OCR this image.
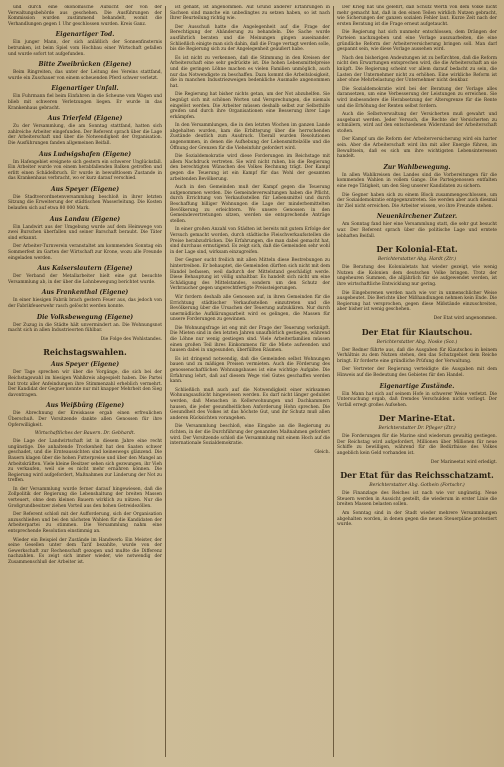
und durch eine ökonomische Aufsicht der von der Verwaltungsbehörde aus geschehen. Die Ausführungen der Kommission wurden zustimmend behandelt, womit die Verhandlungen gegen 1 Uhr geschlossen wurden. Kreis Ganz.

Eigenartiger Tod.

Ein junger Mann, der sich anläßlich der Sonnenfinsternis betrunken, ist beim Spiel vom Hochbau einer Wirtschaft gefallen und wurde sofort tot aufgefunden.

Bitte Zweibrücken (Eigene)

Beim Ringreiten, das unter der Leitung des Vereins stattfand, wurde ein Zuschauer von einem scheuenden Pferd schwer verletzt.

Eigenartiger Unfall.

Ein Fuhrmann fiel beim Einfahren in die Scheune vom Wagen und blieb mit schweren Verletzungen liegen. Er wurde in das Krankenhaus gebracht.

Aus Trierfeld (Eigene)

Zu der Versammlung, die am Sonntag stattfand, hatten sich zahlreiche Arbeiter eingefunden. Der Referent sprach über die Lage der Arbeiterschaft und über die Notwendigkeit der Organisation. Die Ausführungen fanden allgemeinen Beifall.

Aus Ludwigshafen (Eigene)

Im Hafengebiet ereignete sich gestern ein schwerer Unglücksfall. Ein Arbeiter wurde von einem herabfallenden Balken getroffen und erlitt einen Schädelbruch. Er wurde in bewußtlosem Zustande in das Krankenhaus verbracht, wo er kurz darauf verschied.

Aus Speyer (Eigene)

Die Stadtverordnetenversammlung beschloß in ihrer letzten Sitzung die Erweiterung der städtischen Wasserleitung. Die Kosten belaufen sich auf etwa 80 000 Mark.

Aus Landau (Eigene)

Ein Landwirt aus der Umgebung wurde auf dem Heimwege von zwei Burschen überfallen und seiner Barschaft beraubt. Die Täter sind erkannt.

Der Arbeiter-Turnverein veranstaltet am kommenden Sonntag ein Sommerfest im Garten der Wirtschaft zur Krone, wozu alle Freunde eingeladen werden.

Aus Kaiserslautern (Eigene)

Der Verband der Metallarbeiter hielt eine gut besuchte Versammlung ab, in der über die Lohnbewegung berichtet wurde.

Aus Frankenthal (Eigene)

In einer hiesigen Fabrik brach gestern Feuer aus, das jedoch von der Fabrikfeuerwehr rasch gelöscht werden konnte.

Die Volksbewegung (Eigene)

Der Zuzug in die Städte hält unvermindert an. Die Wohnungsnot macht sich in allen Industrieorten fühlbar.

Die Folge des Wohlstandes.
Reichstagswahlen.
Aus Speyer (Eigene)

Der Tage sprechen wir über die Vorgänge, die sich bei der Reichstagswahl im hiesigen Wahlkreis abgespielt haben. Die Partei hat trotz aller Anfeindungen ihre Stimmenzahl erheblich vermehrt. Der Kandidat der Gegner konnte nur mit knapper Mehrheit den Sieg davontragen.

Aus Weißbürg (Eigene)

Die Abrechnung der Kreiskasse ergab einen erfreulichen Überschuß. Der Vorsitzende dankte allen Genossen für ihre Opferwilligkeit.

Wirtschaftliches der Bauern. Dr. Gebhardt.

Die Lage der Landwirtschaft ist in diesem Jahre eine recht ungünstige. Die anhaltende Trockenheit hat den Saaten schwer geschadet, und die Ernteaussichten sind keineswegs glänzend. Die Bauern klagen über die hohen Futterpreise und über den Mangel an Arbeitskräften. Viele kleine Besitzer sehen sich gezwungen, ihr Vieh zu verkaufen, weil sie es nicht mehr ernähren können. Die Regierung wird aufgefordert, Maßnahmen zur Linderung der Not zu treffen.

In der Versammlung wurde ferner darauf hingewiesen, daß die Zollpolitik der Regierung die Lebenshaltung der breiten Massen verteuert, ohne dem kleinen Bauern wirklich zu nützen. Nur die Großgrundbesitzer ziehen Vorteil aus den hohen Getreidezöllen.

Der Referent schloß mit der Aufforderung, sich der Organisation anzuschließen und bei den nächsten Wahlen für die Kandidaten der Arbeiterpartei zu stimmen. Die Versammlung nahm eine entsprechende Resolution einstimmig an.

Wieder ein Beispiel der Zustände im Handwerk: Ein Meister, der seine Gesellen unter dem Tarif bezahlte, wurde von der Gewerkschaft zur Rechenschaft gezogen und mußte die Differenz nachzahlen. Es zeigt sich immer wieder, wie notwendig der Zusammenschluß der Arbeiter ist.

ist gehabt, ist angenommen. Auf Grund anderer Erfahrungen in Sachsen sind manche ein unbedingtes zu setzen haben, so ist nach Ihrer Beurteilung richtig wie.

Der Ausschuß hatte die Angelegenheit auf die Frage der Berechtigung der Abänderung zu behandeln. Die Sache wurde ausführlich beraten und die Meinungen gingen auseinander. Schließlich einigte man sich dahin, daß die Frage vertagt werden solle, bis die Regierung sich zu der Angelegenheit geäußert habe.

Es ist nicht zu verkennen, daß die Stimmung in den Kreisen der Arbeiterschaft eine sehr gedrückte ist. Die hohen Lebensmittelpreise und die geringen Löhne machen es vielen Familien unmöglich, auch nur das Notwendigste zu beschaffen. Dazu kommt die Arbeitslosigkeit, die in manchen Industriezweigen bedenkliche Ausmaße angenommen hat.

Die Regierung hat bisher nichts getan, um der Not abzuhelfen. Sie begnügt sich mit schönen Worten und Versprechungen, die niemals eingelöst werden. Die Arbeiter müssen deshalb selbst zur Selbsthilfe greifen und durch ihre Organisationen eine Besserung ihrer Lage erkämpfen.

In den Versammlungen, die in den letzten Wochen im ganzen Lande abgehalten wurden, kam die Erbitterung über die herrschenden Zustände deutlich zum Ausdruck. Überall wurden Resolutionen angenommen, in denen die Aufhebung der Lebensmittelzölle und die Öffnung der Grenzen für die Vieheinfuhr gefordert wird.

Die Sozialdemokratie wird diese Forderungen im Reichstage mit allem Nachdruck vertreten. Sie wird nicht ruhen, bis die Regierung den berechtigten Wünschen des Volkes Rechnung trägt. Der Kampf gegen die Teuerung ist ein Kampf für das Wohl der gesamten arbeitenden Bevölkerung.

Auch in den Gemeinden muß der Kampf gegen die Teuerung aufgenommen werden. Die Gemeindeverwaltungen haben die Pflicht, durch Errichtung von Verkaufsstellen für Lebensmittel und durch Beschaffung billiger Wohnungen die Lage der minderbemittelten Bevölkerung zu erleichtern. Wo unsere Genossen in den Gemeindevertretungen sitzen, werden sie entsprechende Anträge stellen.

In einer großen Anzahl von Städten ist bereits mit gutem Erfolge der Versuch gemacht worden, durch städtische Fleischverkaufsstellen die Preise herabzudrücken. Die Erfahrungen, die man dabei gemacht hat, sind durchaus ermutigend. Es zeigt sich, daß die Gemeinden sehr wohl in der Lage sind, wirksam einzugreifen.

Der Gegner sucht freilich mit allen Mitteln diese Bestrebungen zu hintertreiben. Er behauptet, die Gemeinden dürften sich nicht mit dem Handel befassen, weil dadurch der Mittelstand geschädigt werde. Diese Behauptung ist völlig unhaltbar. Es handelt sich nicht um eine Schädigung des Mittelstandes, sondern um den Schutz der Verbraucher gegen ungerechtfertigte Preissteigerungen.

Wir fordern deshalb alle Genossen auf, in ihren Gemeinden für die Errichtung städtischer Verkaufsstellen einzutreten und die Bevölkerung über die Ursachen der Teuerung aufzuklären. Nur durch unermüdliche Aufklärungsarbeit wird es gelingen, die Massen für unsere Forderungen zu gewinnen.

Die Wohnungsfrage ist eng mit der Frage der Teuerung verknüpft. Die Mieten sind in den letzten Jahren unaufhörlich gestiegen, während die Löhne nur wenig gestiegen sind. Viele Arbeiterfamilien müssen einen großen Teil ihres Einkommens für die Miete aufwenden und hausen dabei in ungesunden, überfüllten Räumen.

Es ist dringend notwendig, daß die Gemeinden selbst Wohnungen bauen und zu mäßigen Preisen vermieten. Auch die Förderung des genossenschaftlichen Wohnungsbaues ist eine wichtige Aufgabe. Die Erfahrung lehrt, daß auf diesem Wege viel Gutes geschaffen werden kann.

Schließlich muß auch auf die Notwendigkeit einer wirksamen Wohnungsaufsicht hingewiesen werden. Es darf nicht länger geduldet werden, daß Menschen in Kellerwohnungen und Dachkammern hausen, die jeder gesundheitlichen Anforderung Hohn sprechen. Die Gesundheit des Volkes ist das höchste Gut, und ihr Schutz muß allen anderen Rücksichten vorangehen.

Die Versammlung beschloß, eine Eingabe an die Regierung zu richten, in der die Durchführung der genannten Maßnahmen gefordert wird. Der Vorsitzende schloß die Versammlung mit einem Hoch auf die internationale Sozialdemokratie.

Gleich.

Der Krieg hat uns gelehrt, daß Schutz Werth von dem Volke nicht mehr gemacht hat, daß in den einen Teilen wirklich Nutzen gebracht, wie Sicherungen der ganzen sozialen Fehler laut. Kurze Zeit nach der ersten Beratung ist die Frage erneut aufgetaucht.

Die Regierung hat sich nunmehr entschlossen, dem Drängen der Parteien nachzugeben und eine Vorlage auszuarbeiten, die eine gründliche Reform der Arbeiterversicherung bringen soll. Man darf gespannt sein, wie diese Vorlage aussehen wird.

Nach den bisherigen Andeutungen ist zu befürchten, daß die Reform nicht den Erwartungen entsprechen wird, die die Arbeiterschaft an sie knüpft. Die Regierung scheint vor allem darauf bedacht zu sein, die Lasten der Unternehmer nicht zu erhöhen. Eine wirkliche Reform ist aber ohne Mehrbelastung der Unternehmer nicht denkbar.

Die Sozialdemokratie wird bei der Beratung der Vorlage alles daransetzen, um eine Verbesserung der Leistungen zu erreichen. Sie wird insbesondere die Herabsetzung der Altersgrenze für die Rente und die Erhöhung der Renten selbst fordern.

Auch die Selbstverwaltung der Versicherten muß gewahrt und ausgebaut werden. Jeder Versuch, die Rechte der Versicherten zu schmälern, wird auf den entschiedenen Widerstand der Arbeiterschaft stoßen.

Der Kampf um die Reform der Arbeiterversicherung wird ein harter sein. Aber die Arbeiterschaft wird ihn mit aller Energie führen, im Bewußtsein, daß es sich um ihre wichtigsten Lebensinteressen handelt.

Zur Wahlbewegung.

In allen Wahlkreisen des Landes sind die Vorbereitungen für die kommenden Wahlen in vollem Gange. Die Parteigenossen entfalten eine rege Tätigkeit, um den Sieg unserer Kandidaten zu sichern.

Die Gegner haben sich zu einem Block zusammengeschlossen, um der Sozialdemokratie entgegenzutreten. Sie werden aber auch diesmal ihr Ziel nicht erreichen. Die Arbeiter wissen, wo ihre Freunde stehen.

Neuenkirchener Zutzer.

Am Sonntag fand hier eine Versammlung statt, die sehr gut besucht war. Der Referent sprach über die politische Lage und erntete lebhaften Beifall.

Der Kolonial-Etat.
Berichterstatter Abg. Hardt (Ztr.)

Die Beratung des Kolonialetats hat wieder gezeigt, wie wenig Nutzen die Kolonien dem deutschen Volke bringen. Trotz der ungeheuren Summen, die alljährlich für sie aufgewendet werden, ist ihre wirtschaftliche Entwicklung nur gering.

Die Eingeborenen werden nach wie vor in unmenschlicher Weise ausgebeutet. Die Berichte über Mißhandlungen nehmen kein Ende. Die Regierung hat versprochen, gegen diese Mißstände einzuschreiten, aber bisher ist wenig geschehen.

Der Etat wird angenommen.
Der Etat für Kiautschou.
Berichterstatter Abg. Noske (Soz.)

Der Redner führte aus, daß die Ausgaben für Kiautschou in keinem Verhältnis zu dem Nutzen stehen, den das Schutzgebiet dem Reiche bringt. Er forderte eine gründliche Prüfung der Verwaltung.

Der Vertreter der Regierung verteidigte die Ausgaben mit dem Hinweis auf die Bedeutung des Gebietes für den Handel.

Eigenartige Zustände.

Ein Mann hat sich auf seinem Hofe in schwerer Weise verletzt. Die Untersuchung ergab, daß fremdes Verschulden nicht vorliegt. Der Vorfall erregt großes Aufsehen.

Der Marine-Etat.
Berichterstatter Dr. Pfleger (Ztr.)

Die Forderungen für die Marine sind wiederum gewaltig gestiegen. Der Reichstag wird aufgefordert, Millionen über Millionen für neue Schiffe zu bewilligen, während für die Bedürfnisse des Volkes angeblich kein Geld vorhanden ist.

Der Marineetat wird erledigt.
Der Etat für das Reichsschatzamt.
Berichterstatter Abg. Gothein (Fortschr.)

Die Finanzlage des Reiches ist nach wie vor ungünstig. Neue Steuern werden in Aussicht gestellt, die wiederum in erster Linie die breiten Massen belasten sollen.

Am Sonntag sind in der Stadt wieder mehrere Versammlungen abgehalten worden, in denen gegen die neuen Steuerpläne protestiert wurde.
